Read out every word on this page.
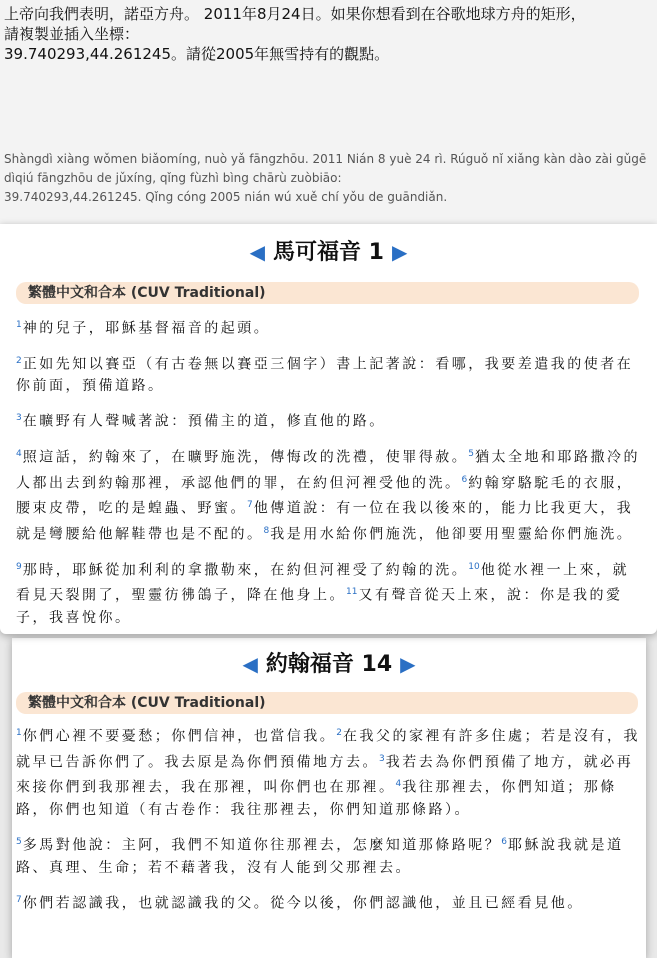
上帝向我們表明，諾亞方舟。 2011年8月24日。如果你想看到在谷歌地球方舟的矩形，

請複製並插入坐標：

39.740293,44.261245。請從2005年無雪持有的觀點。

Shàngdì xiàng wǒmen biǎomíng, nuò yǎ fāngzhōu. 2011 Nián 8 yuè 24 rì. Rúguǒ nǐ xiǎng kàn dào zài gǔgē

dìqiú fāngzhōu de jǔxíng, qǐng fùzhì bìng chārù zuòbiāo:

39.740293,44.261245. Qǐng cóng 2005 nián wú xuě chí yǒu de guāndiǎn.

◀ 馬可福音 1 ▶
繁體中文和合本 (CUV Traditional)

$^1$神的兒子，耶穌基督福音的起頭。

$^2$正如先知以賽亞（有古卷無以賽亞三個字）書上記著說：看哪，我要差遣我的使者在你前面，預備道路。

$^3$在曠野有人聲喊著說：預備主的道，修直他的路。

$^4$照這話，約翰來了，在曠野施洗，傳悔改的洗禮，使罪得赦。$^5$猶太全地和耶路撒冷的人都出去到約翰那裡，承認他們的罪，在約但河裡受他的洗。$^6$約翰穿駱駝毛的衣服，腰束皮帶，吃的是蝗蟲、野蜜。$^7$他傳道說：有一位在我以後來的，能力比我更大，我就是彎腰給他解鞋帶也是不配的。$^8$我是用水給你們施洗，他卻要用聖靈給你們施洗。

$^9$那時，耶穌從加利利的拿撒勒來，在約但河裡受了約翰的洗。$^{10}$他從水裡一上來，就看見天裂開了，聖靈彷彿鴿子，降在他身上。$^{11}$又有聲音從天上來，說：你是我的愛子，我喜悅你。

◀ 約翰福音 14 ▶
繁體中文和合本 (CUV Traditional)

$^1$你們心裡不要憂愁；你們信神，也當信我。$^2$在我父的家裡有許多住處；若是沒有，我就早已告訴你們了。我去原是為你們預備地方去。$^3$我若去為你們預備了地方，就必再來接你們到我那裡去，我在那裡，叫你們也在那裡。$^4$我往那裡去，你們知道；那條路，你們也知道（有古卷作：我往那裡去，你們知道那條路）。

$^5$多馬對他說：主阿，我們不知道你往那裡去，怎麼知道那條路呢？$^6$耶穌說我就是道路、真理、生命；若不藉著我，沒有人能到父那裡去。

$^7$你們若認識我，也就認識我的父。從今以後，你們認識他，並且已經看見他。
